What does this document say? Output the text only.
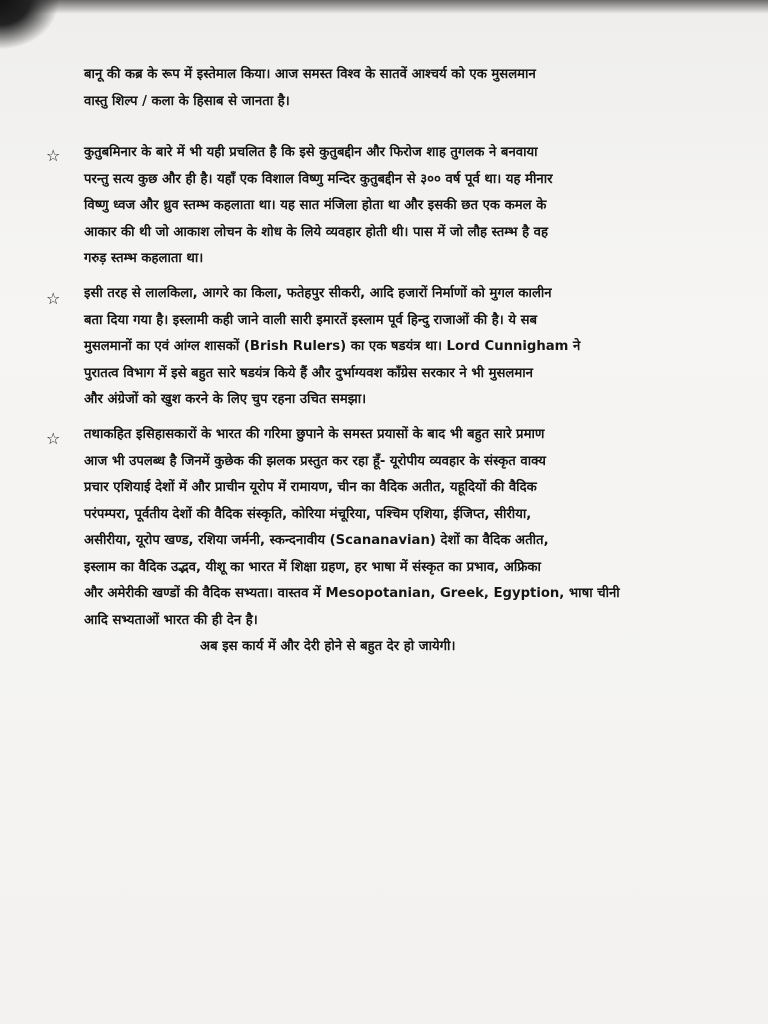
बानू की कब्र के रूप में इस्तेमाल किया। आज समस्त विश्व के सातवें आश्चर्य को एक मुसलमान
वास्तु शिल्प / कला के हिसाब से जानता है।
☆ कुतुबमिनार के बारे में भी यही प्रचलित है कि इसे कुतुबद्दीन और फिरोज शाह तुगलक ने बनवाया
परन्तु सत्य कुछ और ही है। यहाँ एक विशाल विष्णु मन्दिर कुतुबद्दीन से ३०० वर्ष पूर्व था। यह मीनार
विष्णु ध्वज और ध्रुव स्तम्भ कहलाता था। यह सात मंजिला होता था और इसकी छत एक कमल के
आकार की थी जो आकाश लोचन के शोध के लिये व्यवहार होती थी। पास में जो लौह स्तम्भ है वह
गरुड़ स्तम्भ कहलाता था।
☆ इसी तरह से लालकिला, आगरे का किला, फतेहपुर सीकरी, आदि हजारों निर्माणों को मुगल कालीन
बता दिया गया है। इस्लामी कही जाने वाली सारी इमारतें इस्लाम पूर्व हिन्दु राजाओं की है। ये सब
मुसलमानों का एवं आंग्ल शासकों (Brish Rulers) का एक षडयंत्र था। Lord Cunnigham ने
पुरातत्व विभाग में इसे बहुत सारे षडयंत्र किये हैं और दुर्भाग्यवश कॉंग्रेस सरकार ने भी मुसलमान
और अंग्रेजों को खुश करने के लिए चुप रहना उचित समझा।
☆ तथाकहित इसिहासकारों के भारत की गरिमा छुपाने के समस्त प्रयासों के बाद भी बहुत सारे प्रमाण
आज भी उपलब्ध है जिनमें कुछेक की झलक प्रस्तुत कर रहा हूँ- यूरोपीय व्यवहार के संस्कृत वाक्य
प्रचार एशियाई देशों में और प्राचीन यूरोप में रामायण, चीन का वैदिक अतीत, यहूदियों की वैदिक
परंपम्परा, पूर्वतीय देशों की वैदिक संस्कृति, कोरिया मंचूरिया, पश्चिम एशिया, ईजिप्त, सीरीया,
असीरीया, यूरोप खण्ड, रशिया जर्मनी, स्कन्दनावीय (Scananavian) देशों का वैदिक अतीत,
इस्लाम का वैदिक उद्भव, यीशू का भारत में शिक्षा ग्रहण, हर भाषा में संस्कृत का प्रभाव, अफ्रिका
और अमेरीकी खण्डों की वैदिक सभ्यता। वास्तव में Mesopotanian, Greek, Egyption, भाषा चीनी
आदि सभ्यताओं भारत की ही देन है।
अब इस कार्य में और देरी होने से बहुत देर हो जायेगी।
